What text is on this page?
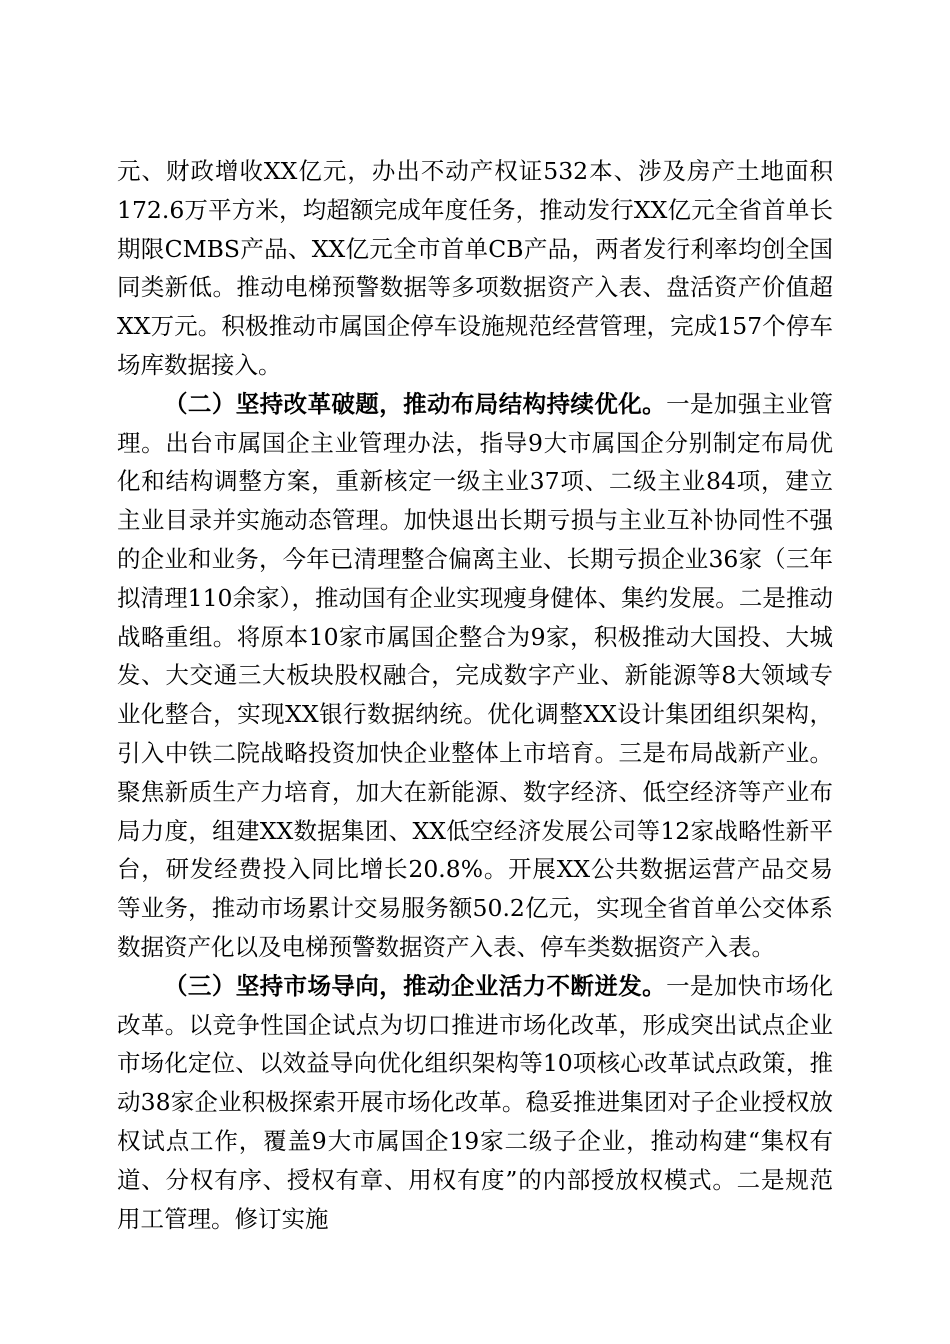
元、财政增收XX亿元，办出不动产权证532本、涉及房产土地面积172.6万平方米，均超额完成年度任务，推动发行XX亿元全省首单长期限CMBS产品、XX亿元全市首单CB产品，两者发行利率均创全国同类新低。推动电梯预警数据等多项数据资产入表、盘活资产价值超XX万元。积极推动市属国企停车设施规范经营管理，完成157个停车场库数据接入。

（二）坚持改革破题，推动布局结构持续优化。一是加强主业管理。出台市属国企主业管理办法，指导9大市属国企分别制定布局优化和结构调整方案，重新核定一级主业37项、二级主业84项，建立主业目录并实施动态管理。加快退出长期亏损与主业互补协同性不强的企业和业务，今年已清理整合偏离主业、长期亏损企业36家（三年拟清理110余家），推动国有企业实现瘦身健体、集约发展。二是推动战略重组。将原本10家市属国企整合为9家，积极推动大国投、大城发、大交通三大板块股权融合，完成数字产业、新能源等8大领域专业化整合，实现XX银行数据纳统。优化调整XX设计集团组织架构，引入中铁二院战略投资加快企业整体上市培育。三是布局战新产业。聚焦新质生产力培育，加大在新能源、数字经济、低空经济等产业布局力度，组建XX数据集团、XX低空经济发展公司等12家战略性新平台，研发经费投入同比增长20.8%。开展XX公共数据运营产品交易等业务，推动市场累计交易服务额50.2亿元，实现全省首单公交体系数据资产化以及电梯预警数据资产入表、停车类数据资产入表。

（三）坚持市场导向，推动企业活力不断迸发。一是加快市场化改革。以竞争性国企试点为切口推进市场化改革，形成突出试点企业市场化定位、以效益导向优化组织架构等10项核心改革试点政策，推动38家企业积极探索开展市场化改革。稳妥推进集团对子企业授权放权试点工作，覆盖9大市属国企19家二级子企业，推动构建“集权有道、分权有序、授权有章、用权有度”的内部授放权模式。二是规范用工管理。修订实施
